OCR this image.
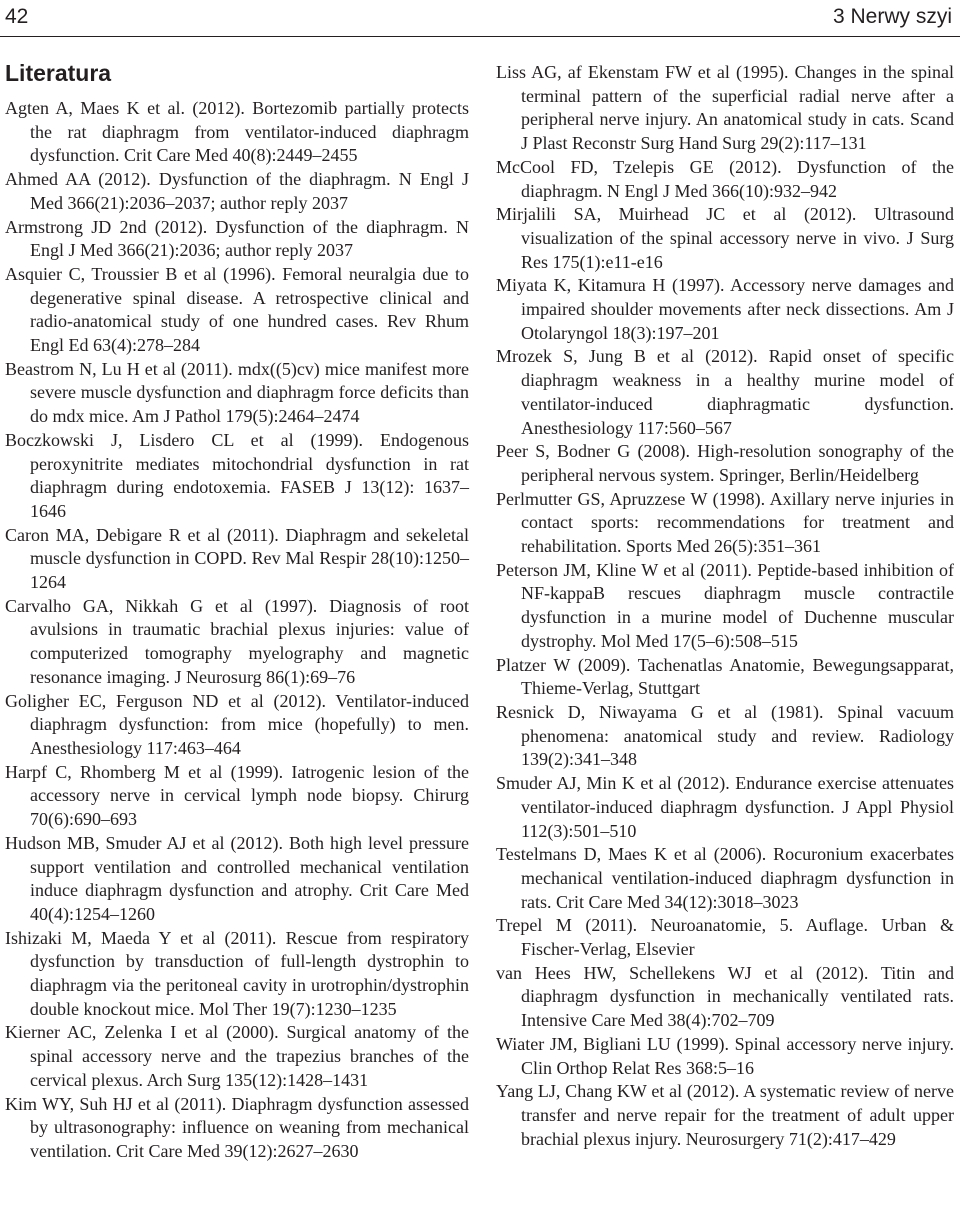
42	3 Nerwy szyi
Literatura

Agten A, Maes K et al. (2012). Bortezomib partially protects the rat diaphragm from ventilator-induced diaphragm dysfunction. Crit Care Med 40(8):2449–2455

Ahmed AA (2012). Dysfunction of the diaphragm. N Engl J Med 366(21):2036–2037; author reply 2037

Armstrong JD 2nd (2012). Dysfunction of the diaphragm. N Engl J Med 366(21):2036; author reply 2037

Asquier C, Troussier B et al (1996). Femoral neuralgia due to degenerative spinal disease. A retrospective clinical and radio-anatomical study of one hundred cases. Rev Rhum Engl Ed 63(4):278–284

Beastrom N, Lu H et al (2011). mdx((5)cv) mice manifest more severe muscle dysfunction and diaphragm force deficits than do mdx mice. Am J Pathol 179(5):2464–2474

Boczkowski J, Lisdero CL et al (1999). Endogenous peroxynitrite mediates mitochondrial dysfunction in rat diaphragm during endotoxemia. FASEB J 13(12): 1637–1646

Caron MA, Debigare R et al (2011). Diaphragm and sekeletal muscle dysfunction in COPD. Rev Mal Respir 28(10):1250–1264

Carvalho GA, Nikkah G et al (1997). Diagnosis of root avulsions in traumatic brachial plexus injuries: value of computerized tomography myelography and magnetic resonance imaging. J Neurosurg 86(1):69–76

Goligher EC, Ferguson ND et al (2012). Ventilator-induced diaphragm dysfunction: from mice (hopefully) to men. Anesthesiology 117:463–464

Harpf C, Rhomberg M et al (1999). Iatrogenic lesion of the accessory nerve in cervical lymph node biopsy. Chirurg 70(6):690–693

Hudson MB, Smuder AJ et al (2012). Both high level pressure support ventilation and controlled mechanical ventilation induce diaphragm dysfunction and atrophy. Crit Care Med 40(4):1254–1260

Ishizaki M, Maeda Y et al (2011). Rescue from respiratory dysfunction by transduction of full-length dystrophin to diaphragm via the peritoneal cavity in urotrophin/dystrophin double knockout mice. Mol Ther 19(7):1230–1235

Kierner AC, Zelenka I et al (2000). Surgical anatomy of the spinal accessory nerve and the trapezius branches of the cervical plexus. Arch Surg 135(12):1428–1431

Kim WY, Suh HJ et al (2011). Diaphragm dysfunction assessed by ultrasonography: influence on weaning from mechanical ventilation. Crit Care Med 39(12):2627–2630

Liss AG, af Ekenstam FW et al (1995). Changes in the spinal terminal pattern of the superficial radial nerve after a peripheral nerve injury. An anatomical study in cats. Scand J Plast Reconstr Surg Hand Surg 29(2):117–131

McCool FD, Tzelepis GE (2012). Dysfunction of the diaphragm. N Engl J Med 366(10):932–942

Mirjalili SA, Muirhead JC et al (2012). Ultrasound visualization of the spinal accessory nerve in vivo. J Surg Res 175(1):e11-e16

Miyata K, Kitamura H (1997). Accessory nerve damages and impaired shoulder movements after neck dissections. Am J Otolaryngol 18(3):197–201

Mrozek S, Jung B et al (2012). Rapid onset of specific diaphragm weakness in a healthy murine model of ventilator-induced diaphragmatic dysfunction. Anesthesiology 117:560–567

Peer S, Bodner G (2008). High-resolution sonography of the peripheral nervous system. Springer, Berlin/Heidelberg

Perlmutter GS, Apruzzese W (1998). Axillary nerve injuries in contact sports: recommendations for treatment and rehabilitation. Sports Med 26(5):351–361

Peterson JM, Kline W et al (2011). Peptide-based inhibition of NF-kappaB rescues diaphragm muscle contractile dysfunction in a murine model of Duchenne muscular dystrophy. Mol Med 17(5–6):508–515

Platzer W (2009). Tachenatlas Anatomie, Bewegungsapparat, Thieme-Verlag, Stuttgart

Resnick D, Niwayama G et al (1981). Spinal vacuum phenomena: anatomical study and review. Radiology 139(2):341–348

Smuder AJ, Min K et al (2012). Endurance exercise attenuates ventilator-induced diaphragm dysfunction. J Appl Physiol 112(3):501–510

Testelmans D, Maes K et al (2006). Rocuronium exacerbates mechanical ventilation-induced diaphragm dysfunction in rats. Crit Care Med 34(12):3018–3023

Trepel M (2011). Neuroanatomie, 5. Auflage. Urban & Fischer-Verlag, Elsevier

van Hees HW, Schellekens WJ et al (2012). Titin and diaphragm dysfunction in mechanically ventilated rats. Intensive Care Med 38(4):702–709

Wiater JM, Bigliani LU (1999). Spinal accessory nerve injury. Clin Orthop Relat Res 368:5–16

Yang LJ, Chang KW et al (2012). A systematic review of nerve transfer and nerve repair for the treatment of adult upper brachial plexus injury. Neurosurgery 71(2):417–429
